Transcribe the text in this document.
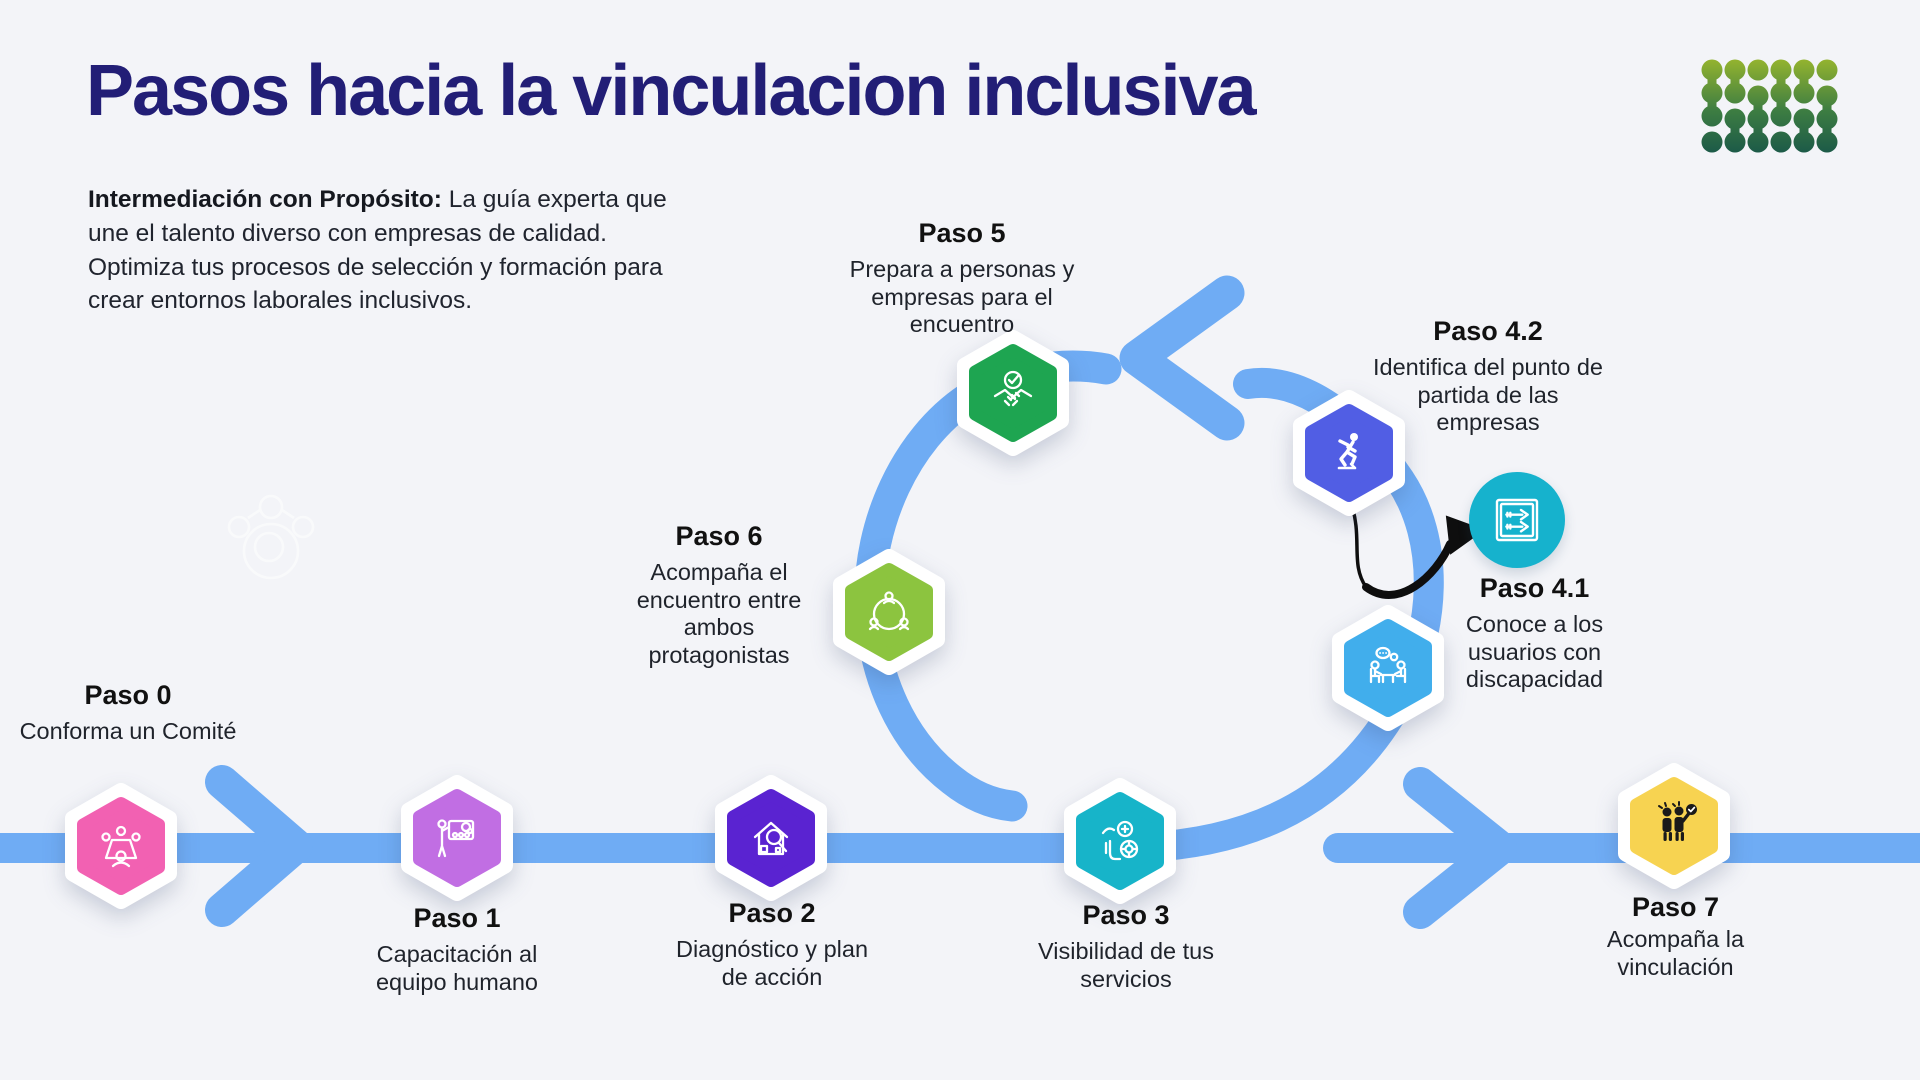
Pasos hacia la vinculacion inclusiva
Intermediación con Propósito: La guía experta que une el talento diverso con empresas de calidad. Optimiza tus procesos de selección y formación para crear entornos laborales inclusivos.
Paso 0
Conforma un Comité
Paso 1
Capacitación al equipo humano
Paso 2
Diagnóstico y plan de acción
Paso 3
Visibilidad de tus servicios
Paso 5
Prepara a personas y empresas para el encuentro
Paso 6
Acompaña el encuentro entre ambos protagonistas
Paso 4.2
Identifica del punto de partida de las empresas
Paso 4.1
Conoce a los usuarios con discapacidad
Paso 7
Acompaña la vinculación
